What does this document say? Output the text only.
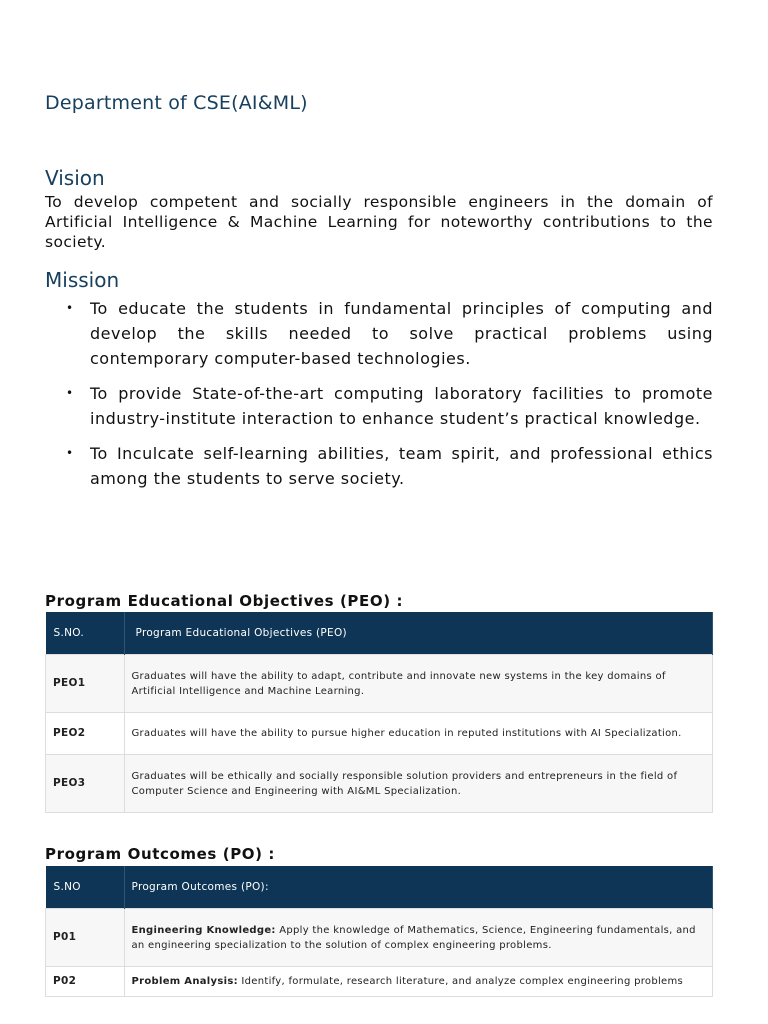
Department of CSE(AI&ML)
Vision

To develop competent and socially responsible engineers in the domain of Artificial Intelligence & Machine Learning for noteworthy contributions to the society.

Mission
• To educate the students in fundamental principles of computing and develop the skills needed to solve practical problems using contemporary computer-based technologies.
• To provide State-of-the-art computing laboratory facilities to promote industry-institute interaction to enhance student’s practical knowledge.
• To Inculcate self-learning abilities, team spirit, and professional ethics among the students to serve society.
Program Educational Objectives (PEO) :
S.NO.	Program Educational Objectives (PEO)
PEO1	Graduates will have the ability to adapt, contribute and innovate new systems in the key domains of Artificial Intelligence and Machine Learning.
PEO2	Graduates will have the ability to pursue higher education in reputed institutions with AI Specialization.
PEO3	Graduates will be ethically and socially responsible solution providers and entrepreneurs in the field of Computer Science and Engineering with AI&ML Specialization.
Program Outcomes (PO) :
S.NO	Program Outcomes (PO):
P01	Engineering Knowledge: Apply the knowledge of Mathematics, Science, Engineering fundamentals, and an engineering specialization to the solution of complex engineering problems.
P02	Problem Analysis: Identify, formulate, research literature, and analyze complex engineering problems
